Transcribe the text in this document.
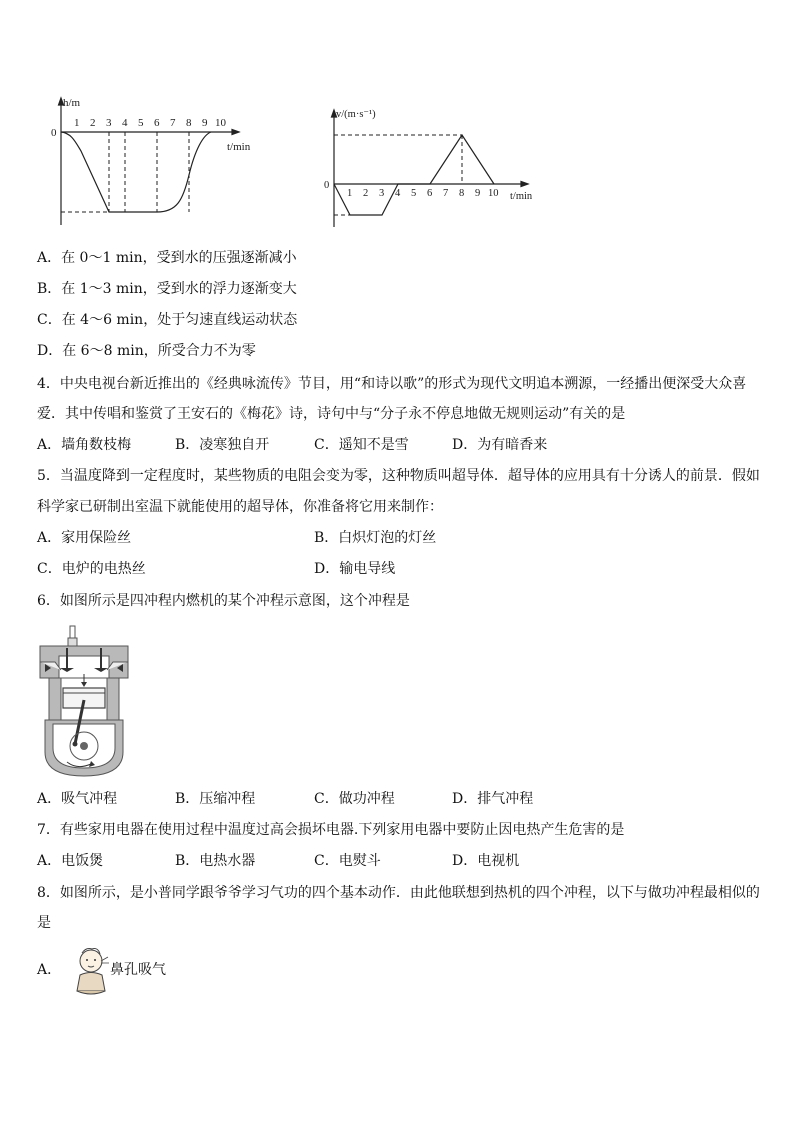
h/m
0
1 2 3 4 5 6 7 8 9 10
t/min
v/(m·s⁻¹)
0
1 2 3 4 5 6 7 8 9 10 t/min
A．在 0～1 min，受到水的压强逐渐减小
B．在 1～3 min，受到水的浮力逐渐变大
C．在 4～6 min，处于匀速直线运动状态
D．在 6～8 min，所受合力不为零
4．中央电视台新近推出的《经典咏流传》节目，用“和诗以歌”的形式为现代文明追本溯源，一经播出便深受大众喜
爱．其中传唱和鉴赏了王安石的《梅花》诗，诗句中与“分子永不停息地做无规则运动”有关的是
A．墙角数枝梅	B．凌寒独自开	C．遥知不是雪	D．为有暗香来
5．当温度降到一定程度时，某些物质的电阻会变为零，这种物质叫超导体．超导体的应用具有十分诱人的前景．假如
科学家已研制出室温下就能使用的超导体，你准备将它用来制作：
A．家用保险丝	B．白炽灯泡的灯丝
C．电炉的电热丝	D．输电导线
6．如图所示是四冲程内燃机的某个冲程示意图，这个冲程是
A．吸气冲程	B．压缩冲程	C．做功冲程	D．排气冲程
7．有些家用电器在使用过程中温度过高会损坏电器.下列家用电器中要防止因电热产生危害的是
A．电饭煲	B．电热水器	C．电熨斗	D．电视机
8．如图所示，是小普同学跟爷爷学习气功的四个基本动作．由此他联想到热机的四个冲程，以下与做功冲程最相似的
是
A．	鼻孔吸气
